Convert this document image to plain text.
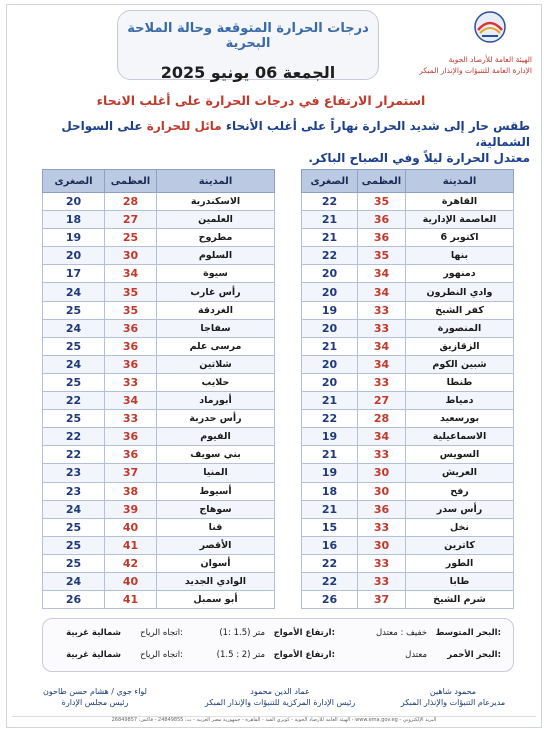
درجات الحرارة المتوقعة وحالة الملاحة البحرية
الجمعة 06 يونيو 2025
الهيئة العامة للأرصاد الجوية
الإدارة العامة للتنبؤات والإنذار المبكر
استمرار الارتفاع في درجات الحرارة على أغلب الانحاء
طقس حار إلى شديد الحرارة نهاراً على أغلب الأنحاء مائل للحرارة على السواحل الشمالية،
معتدل الحرارة ليلاً وفي الصباح الباكر.
الصغرى	العظمى	المدينة
22	35	القاهرة
21	36	العاصمة الإدارية
21	36	6 اكتوبر
22	35	بنها
20	34	دمنهور
20	34	وادي النطرون
19	33	كفر الشيخ
20	33	المنصورة
21	34	الزقازيق
20	34	شبين الكوم
20	33	طنطا
21	27	دمياط
22	28	بورسعيد
19	34	الاسماعيلية
21	33	السويس
19	30	العريش
18	30	رفح
21	36	رأس سدر
15	33	نخل
16	30	كاترين
22	33	الطور
22	33	طابا
26	37	شرم الشيخ
الصغرى	العظمى	المدينة
20	28	الاسكندرية
18	27	العلمين
19	25	مطروح
20	30	السلوم
17	34	سيوة
24	35	رأس غارب
25	35	الغردقة
24	36	سفاجا
25	36	مرسى علم
24	36	شلاتين
25	33	حلايب
22	34	أبورماد
25	33	رأس حدربة
22	36	الفيوم
22	36	بني سويف
23	37	المنيا
23	38	أسيوط
24	39	سوهاج
25	40	قنا
25	41	الأقصر
25	42	أسوان
24	40	الوادي الجديد
26	41	أبو سمبل
البحر المتوسط:
خفيف : معتدل
ارتفاع الأمواج:
(1: 1.5) متر
اتجاه الرياح:
شمالية غربية
البحر الأحمر:
معتدل
ارتفاع الأمواج:
(1.5 : 2) متر
اتجاه الرياح:
شمالية غربية
محمود شاهين
مديرعام التنبؤات والإنذار المبكر
عماد الدين محمود
رئيس الإدارة المركزية للتنبؤات والإنذار المبكر
لواء جوي / هشام حسن طاحون
رئيس مجلس الإدارة
الهيئة العامة للأرصاد الجوية - كوبري القبة - القاهرة - جمهورية مصر العربية - ت: 24849855 - فاكس: 26849857 - www.ema.gov.eg - البريد الإلكتروني
